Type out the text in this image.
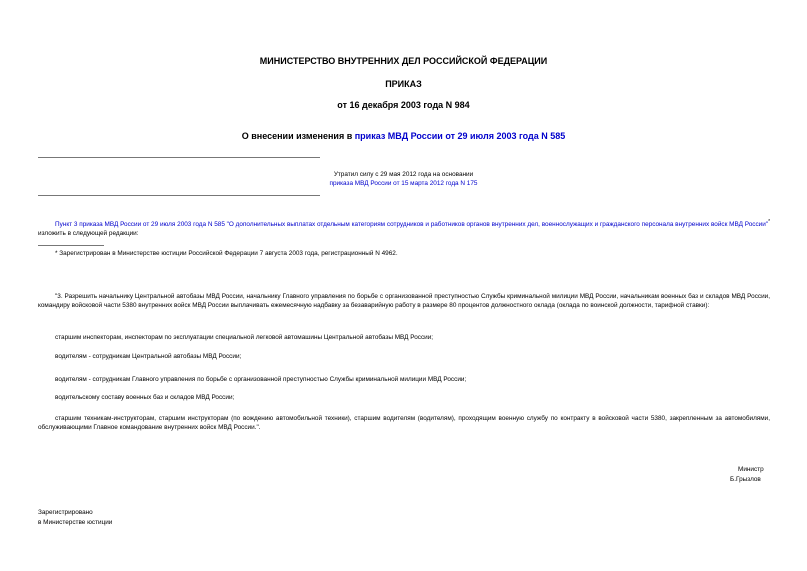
МИНИСТЕРСТВО ВНУТРЕННИХ ДЕЛ РОССИЙСКОЙ ФЕДЕРАЦИИ
ПРИКАЗ
от 16 декабря 2003 года N 984
О внесении изменения в приказ МВД России от 29 июля 2003 года N 585
Утратил силу с 29 мая 2012 года на основании
приказа МВД России от 15 марта 2012 года N 175
Пункт 3 приказа МВД России от 29 июля 2003 года N 585 "О дополнительных выплатах отдельным категориям сотрудников и работников органов внутренних дел, военнослужащих и гражданского персонала внутренних войск МВД России"* изложить в следующей редакции:
* Зарегистрирован в Министерстве юстиции Российской Федерации 7 августа 2003 года, регистрационный N 4962.
"3. Разрешить начальнику Центральной автобазы МВД России, начальнику Главного управления по борьбе с организованной преступностью Службы криминальной милиции МВД России, начальникам военных баз и складов МВД России, командиру войсковой части 5380 внутренних войск МВД России выплачивать ежемесячную надбавку за безаварийную работу в размере 80 процентов должностного оклада (оклада по воинской должности, тарифной ставки):
старшим инспекторам, инспекторам по эксплуатации специальной легковой автомашины Центральной автобазы МВД России;
водителям - сотрудникам Центральной автобазы МВД России;
водителям - сотрудникам Главного управления по борьбе с организованной преступностью Службы криминальной милиции МВД России;
водительскому составу военных баз и складов МВД России;
старшим техникам-инструкторам, старшим инструкторам (по вождению автомобильной техники), старшим водителям (водителям), проходящим военную службу по контракту в войсковой части 5380, закрепленным за автомобилями, обслуживающими Главное командование внутренних войск МВД России.".
Министр
Б.Грызлов
Зарегистрировано
в Министерстве юстиции
